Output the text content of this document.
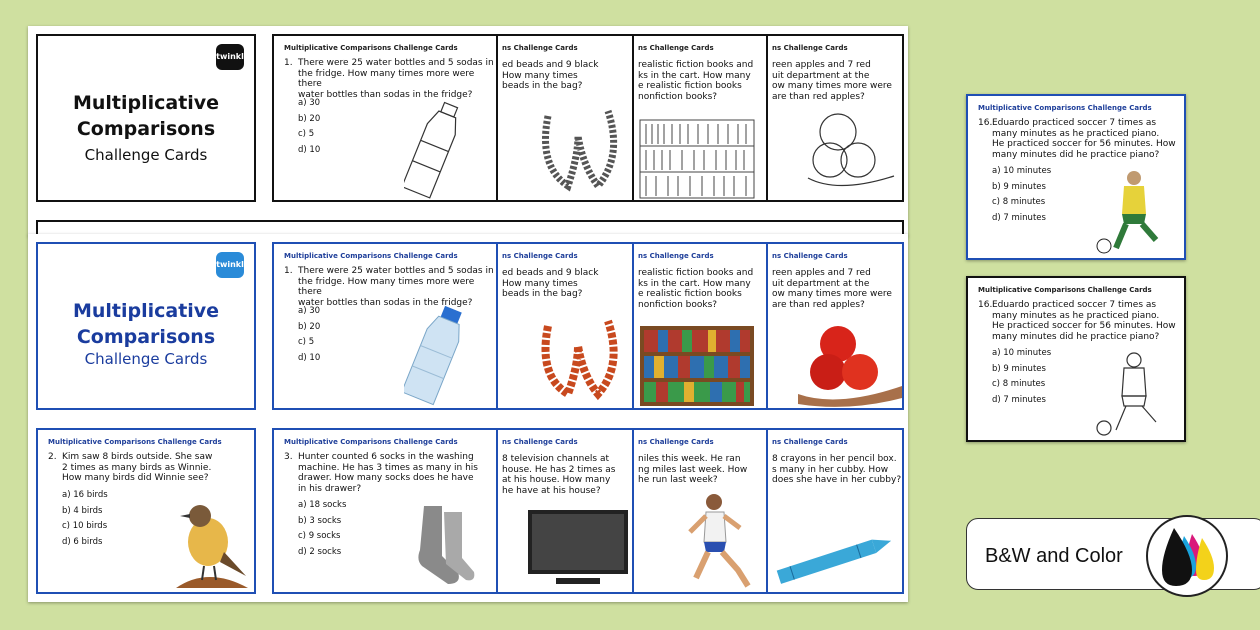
twinkl
Multiplicative
Comparisons
Challenge Cards
Multiplicative Comparisons Challenge Cards
1. There were 25 water bottles and 5 sodas in
the fridge. How many times more were there
water bottles than sodas in the fridge?
a) 30
b) 20
c) 5
d) 10
ns Challenge Cards
ed beads and 9 black
How many times
beads in the bag?
ns Challenge Cards
realistic fiction books and
ks in the cart. How many
e realistic fiction books
nonfiction books?
ns Challenge Cards
reen apples and 7 red
uit department at the
ow many times more were
are than red apples?
twinkl
Multiplicative
Comparisons
Challenge Cards
Multiplicative Comparisons Challenge Cards
1. There were 25 water bottles and 5 sodas in
the fridge. How many times more were there
water bottles than sodas in the fridge?
a) 30
b) 20
c) 5
d) 10
ns Challenge Cards
ed beads and 9 black
How many times
beads in the bag?
ns Challenge Cards
realistic fiction books and
ks in the cart. How many
e realistic fiction books
nonfiction books?
ns Challenge Cards
reen apples and 7 red
uit department at the
ow many times more were
are than red apples?
Multiplicative Comparisons Challenge Cards
2. Kim saw 8 birds outside. She saw
2 times as many birds as Winnie.
How many birds did Winnie see?
a) 16 birds
b) 4 birds
c) 10 birds
d) 6 birds
Multiplicative Comparisons Challenge Cards
3. Hunter counted 6 socks in the washing
machine. He has 3 times as many in his
drawer. How many socks does he have
in his drawer?
a) 18 socks
b) 3 socks
c) 9 socks
d) 2 socks
ns Challenge Cards
8 television channels at
house. He has 2 times as
at his house. How many
he have at his house?
ns Challenge Cards
niles this week. He ran
ng miles last week. How
he run last week?
ns Challenge Cards
8 crayons in her pencil box.
s many in her cubby. How
does she have in her cubby?
Multiplicative Comparisons Challenge Cards
16.Eduardo practiced soccer 7 times as
many minutes as he practiced piano.
He practiced soccer for 56 minutes. How
many minutes did he practice piano?
a) 10 minutes
b) 9 minutes
c) 8 minutes
d) 7 minutes
Multiplicative Comparisons Challenge Cards
16.Eduardo practiced soccer 7 times as
many minutes as he practiced piano.
He practiced soccer for 56 minutes. How
many minutes did he practice piano?
a) 10 minutes
b) 9 minutes
c) 8 minutes
d) 7 minutes
B&W and Color
